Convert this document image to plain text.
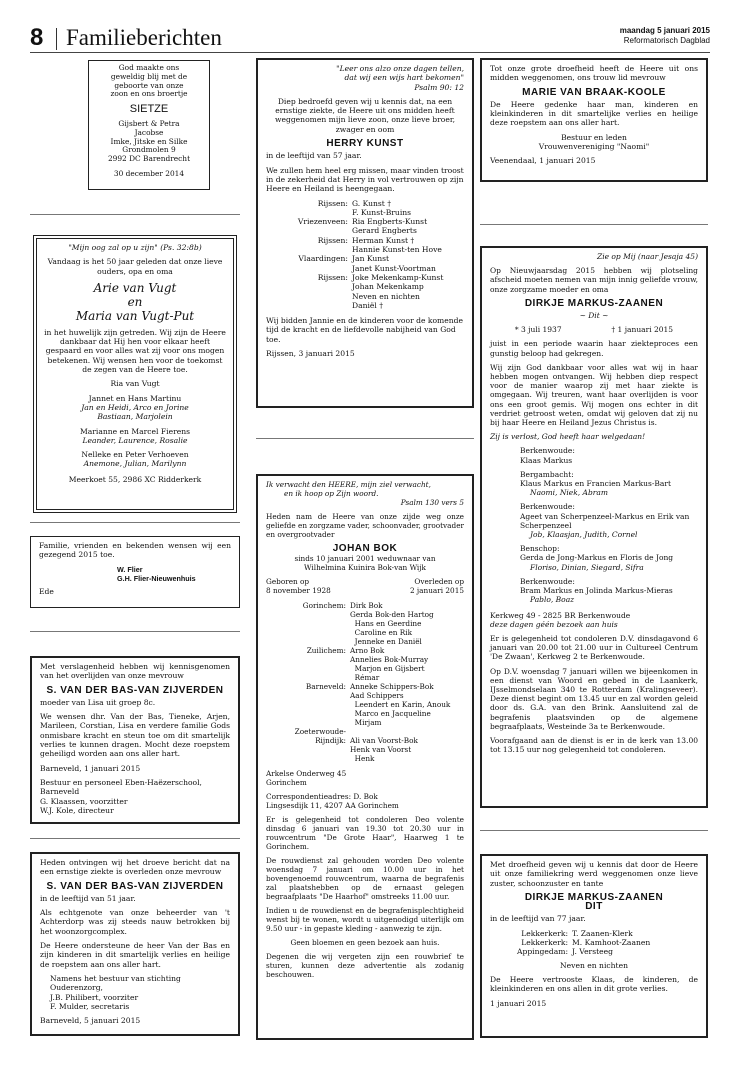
8 Familieberichten	maandag 5 januari 2015
Reformatorisch Dagblad
God maakte ons
geweldig blij met de
geboorte van onze
zoon en ons broertje
SIETZE
Gijsbert & Petra
Jacobse
Imke, Jitske en Silke
Grondmolen 9
2992 DC Barendrecht
30 december 2014

"Mijn oog zal op u zijn" (Ps. 32:8b)

Vandaag is het 50 jaar geleden dat onze lieve ouders, opa en oma

Arie van Vugt
en
Maria van Vugt-Put

in het huwelijk zijn getreden. Wij zijn de Heere dankbaar dat Hij hen voor elkaar heeft gespaard en voor alles wat zij voor ons mogen betekenen. Wij wensen hen voor de toekomst de zegen van de Heere toe.

Ria van Vugt

Jannet en Hans Martinu
Jan en Heidi, Arco en Jorine

Bastiaan, Marjolein

Marianne en Marcel Fierens

Leander, Laurence, Rosalie

Nelleke en Peter Verhoeven

Anemone, Julian, Marilynn

Meerkoet 55, 2986 XC Ridderkerk

Familie, vrienden en bekenden wensen wij een gezegend 2015 toe.

W. Flier
G.H. Flier-Nieuwenhuis
Ede

Met verslagenheid hebben wij kennisgenomen van het overlijden van onze mevrouw

S. VAN DER BAS-VAN ZIJVERDEN

moeder van Lisa uit groep 8c.

We wensen dhr. Van der Bas, Tieneke, Arjen, Marileen, Corstian, Lisa en verdere familie Gods onmisbare kracht en steun toe om dit smartelijk verlies te kunnen dragen. Mocht deze roepstem geheiligd worden aan ons aller hart.

Barneveld, 1 januari 2015

Bestuur en personeel Eben-Haëzerschool, Barneveld
G. Klaassen, voorzitter
W.J. Kole, directeur

Heden ontvingen wij het droeve bericht dat na een ernstige ziekte is overleden onze mevrouw

S. VAN DER BAS-VAN ZIJVERDEN

in de leeftijd van 51 jaar.

Als echtgenote van onze beheerder van 't Achterdorp was zij steeds nauw betrokken bij het woonzorgcomplex.

De Heere ondersteune de heer Van der Bas en zijn kinderen in dit smartelijk verlies en heilige de roepstem aan ons aller hart.

Namens het bestuur van stichting Ouderenzorg,
J.B. Philibert, voorziter
F. Mulder, secretaris
Barneveld, 5 januari 2015
"Leer ons alzo onze dagen tellen,
dat wij een wijs hart bekomen"

Psalm 90: 12

Diep bedroefd geven wij u kennis dat, na een ernstige ziekte, de Heere uit ons midden heeft weggenomen mijn lieve zoon, onze lieve broer, zwager en oom

HERRY KUNST

in de leeftijd van 57 jaar.

We zullen hem heel erg missen, maar vinden troost in de zekerheid dat Herry in vol vertrouwen op zijn Heere en Heiland is heengegaan.

Rijssen: G. Kunst †
F. Kunst-Bruins
Vriezenveen: Ria Engberts-Kunst
Gerard Engberts
Rijssen: Herman Kunst †
Hannie Kunst-ten Hove
Vlaardingen: Jan Kunst
Janet Kunst-Voortman
Rijssen: Joke Mekenkamp-Kunst
Johan Mekenkamp
Neven en nichten
Daniël †

Wij bidden Jannie en de kinderen voor de komende tijd de kracht en de liefdevolle nabijheid van God toe.

Rijssen, 3 januari 2015
Ik verwacht den HEERE, mijn ziel verwacht,
en ik hoop op Zijn woord.

Psalm 130 vers 5

Heden nam de Heere van onze zijde weg onze geliefde en zorgzame vader, schoonvader, grootvader en overgrootvader

JOHAN BOK
sinds 10 januari 2001 weduwnaar van

Wilhelmina Kuinira Bok-van Wijk

Geboren op
8 november 1928
Overleden op
2 januari 2015
Gorinchem: Dirk Bok
Gerda Bok-den Hartog
Hans en Geerdine
Caroline en Rik
Jenneke en Daniël
Zuilichem: Arno Bok
Annelies Bok-Murray
Marjon en Gijsbert
Rémar
Barneveld: Anneke Schippers-Bok
Aad Schippers
Leendert en Karin, Anouk
Marco en Jacqueline
Mirjam
Zoeterwoude-
Rijndijk: Ali van Voorst-Bok
Henk van Voorst
Henk
Arkelse Onderweg 45

Gorinchem

Correspondentieadres: D. Bok

Lingsesdijk 11, 4207 AA Gorinchem

Er is gelegenheid tot condoleren Deo volente dinsdag 6 januari van 19.30 tot 20.30 uur in rouwcentrum "De Grote Haar", Haarweg 1 te Gorinchem.

De rouwdienst zal gehouden worden Deo volente woensdag 7 januari om 10.00 uur in het bovengenoemd rouwcentrum, waarna de begrafenis zal plaatshebben op de ernaast gelegen begraafplaats "De Haarhof" omstreeks 11.00 uur.

Indien u de rouwdienst en de begrafenisplechtigheid wenst bij te wonen, wordt u uitgenodigd uiterlijk om 9.50 uur - in gepaste kleding - aanwezig te zijn.

Geen bloemen en geen bezoek aan huis.

Degenen die wij vergeten zijn een rouwbrief te sturen, kunnen deze advertentie als zodanig beschouwen.

Tot onze grote droefheid heeft de Heere uit ons midden weggenomen, ons trouw lid mevrouw

MARIE VAN BRAAK-KOOLE

De Heere gedenke haar man, kinderen en kleinkinderen in dit smartelijke verlies en heilige deze roepstem aan ons aller hart.

Bestuur en leden

Vrouwenvereniging "Naomi"

Veenendaal, 1 januari 2015

Zie op Mij (naar Jesaja 45)

Op Nieuwjaarsdag 2015 hebben wij plotseling afscheid moeten nemen van mijn innig geliefde vrouw, onze zorgzame moeder en oma

DIRKJE MARKUS-ZAANEN

~ Dit ~

* 3 juli 1937	† 1 januari 2015

juist in een periode waarin haar ziekteproces een gunstig beloop had gekregen.

Wij zijn God dankbaar voor alles wat wij in haar hebben mogen ontvangen. Wij hebben diep respect voor de manier waarop zij met haar ziekte is omgegaan. Wij treuren, want haar overlijden is voor ons een groot gemis. Wij mogen ons echter in dit verdriet getroost weten, omdat wij geloven dat zij nu bij haar Heere en Heiland Jezus Christus is.

Zij is verlost, God heeft haar welgedaan!

Berkenwoude:
Klaas Markus
Bergambacht:
Klaus Markus en Francien Markus-Bart
Naomi, Niek, Abram
Berkenwoude:
Ageet van Scherpenzeel-Markus en Erik van Scherpenzeel
Job, Klaasjan, Judith, Cornel
Benschop:
Gerda de Jong-Markus en Floris de Jong
Floriso, Dinian, Siegard, Sifra
Berkenwoude:
Bram Markus en Jolinda Markus-Mieras
Pablo, Boaz
Kerkweg 49 - 2825 BR Berkenwoude

deze dagen géén bezoek aan huis

Er is gelegenheid tot condoleren D.V. dinsdagavond 6 januari van 20.00 tot 21.00 uur in Cultureel Centrum 'De Zwaan', Kerkweg 2 te Berkenwoude.

Op D.V. woensdag 7 januari willen we bijeenkomen in een dienst van Woord en gebed in de Laankerk, IJsselmondselaan 340 te Rotterdam (Kralingseveer). Deze dienst begint om 13.45 uur en zal worden geleid door ds. G.A. van den Brink. Aansluitend zal de begrafenis plaatsvinden op de algemene begraafplaats, Westeinde 3a te Berkenwoude.

Voorafgaand aan de dienst is er in de kerk van 13.00 tot 13.15 uur nog gelegenheid tot condoleren.

Met droefheid geven wij u kennis dat door de Heere uit onze familiekring werd weggenomen onze lieve zuster, schoonzuster en tante

DIRKJE MARKUS-ZAANEN
DIT

in de leeftijd van 77 jaar.

Lekkerkerk: T. Zaanen-Klerk
Lekkerkerk: M. Kamhoot-Zaanen
Appingedam: J. Versteeg

Neven en nichten

De Heere vertrooste Klaas, de kinderen, de kleinkinderen en ons allen in dit grote verlies.

1 januari 2015
